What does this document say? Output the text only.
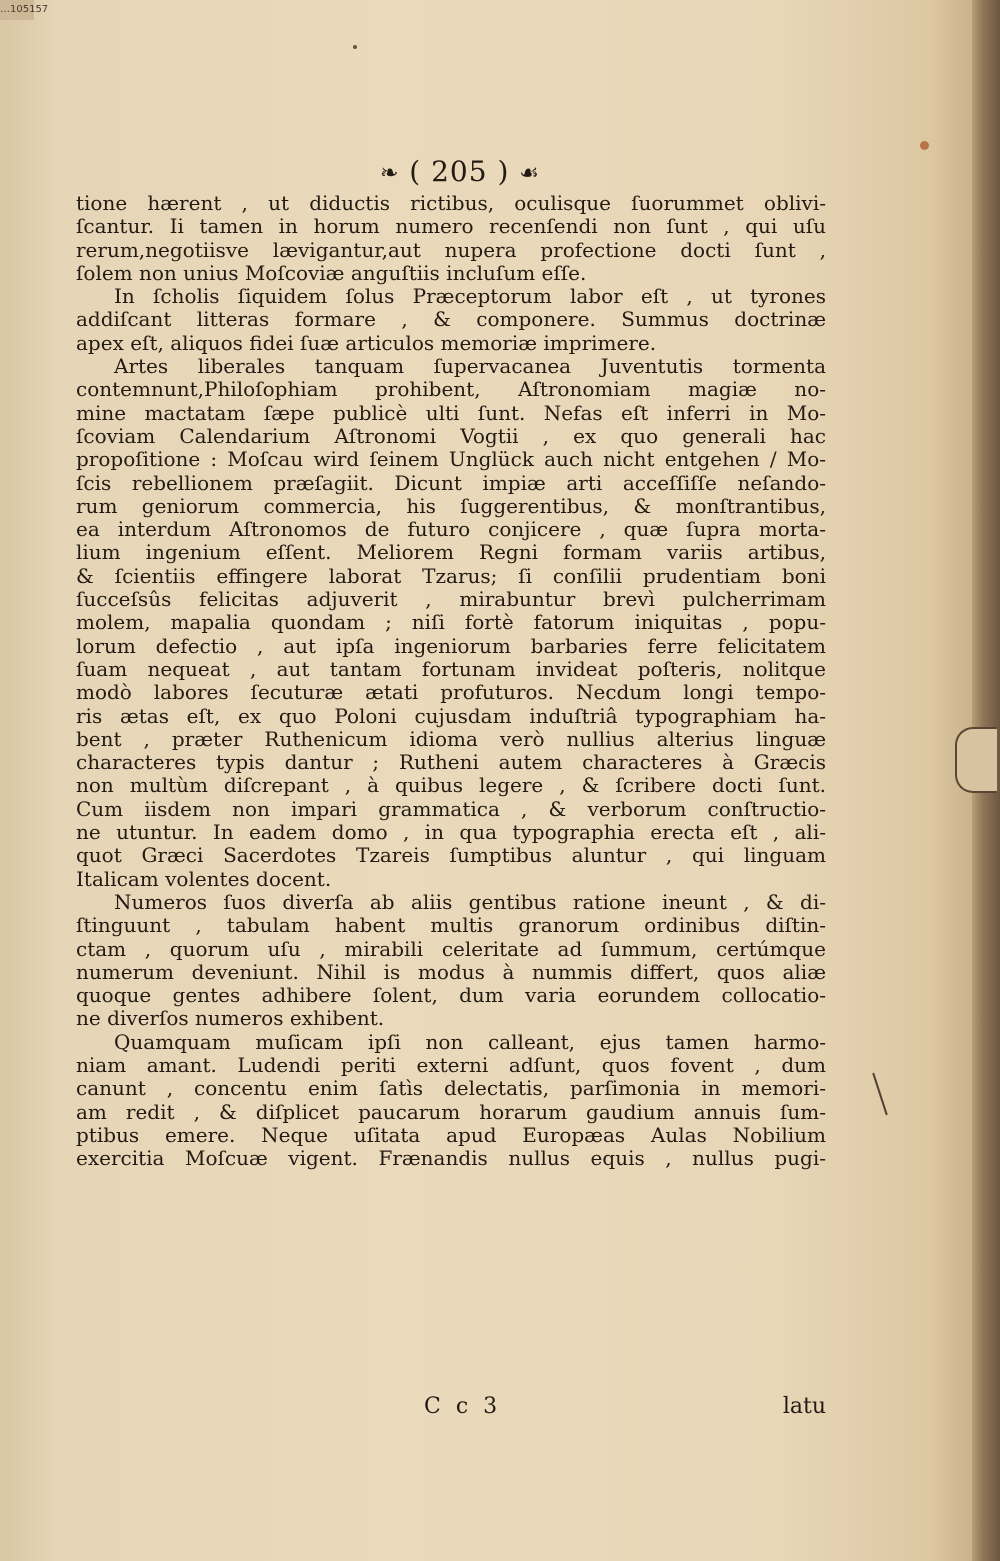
…105157
❧ ( 205 ) ☙
tione hærent , ut diductis rictibus, oculisque ſuorummet oblivi-
ſcantur. Ii tamen in horum numero recenſendi non ſunt , qui uſu
rerum,negotiisve lævigantur,aut nupera profectione docti ſunt ,
ſolem non unius Moſcoviæ anguſtiis incluſum eſſe.
In ſcholis ſiquidem ſolus Præceptorum labor eſt , ut tyrones
addiſcant litteras formare , & componere. Summus doctrinæ
apex eſt, aliquos fidei ſuæ articulos memoriæ imprimere.
Artes liberales tanquam ſupervacanea Juventutis tormenta
contemnunt,Philoſophiam prohibent, Aſtronomiam magiæ no-
mine mactatam ſæpe publicè ulti ſunt. Nefas eſt inferri in Mo-
ſcoviam Calendarium Aſtronomi Vogtii , ex quo generali hac
propoſitione : Moſcau wird ſeinem Unglück auch nicht entgehen / Mo-
ſcis rebellionem præſagiit. Dicunt impiæ arti acceſſiſſe neſando-
rum geniorum commercia, his ſuggerentibus, & monſtrantibus,
ea interdum Aſtronomos de futuro conjicere , quæ ſupra morta-
lium ingenium eſſent. Meliorem Regni formam variis artibus,
& ſcientiis effingere laborat Tzarus; ſi conſilii prudentiam boni
ſucceſsûs felicitas adjuverit , mirabuntur brevì pulcherrimam
molem, mapalia quondam ; niſi fortè fatorum iniquitas , popu-
lorum defectio , aut ipſa ingeniorum barbaries ferre felicitatem
ſuam nequeat , aut tantam fortunam invideat poſteris, nolitque
modò labores ſecuturæ ætati profuturos. Necdum longi tempo-
ris ætas eſt, ex quo Poloni cujusdam induſtriâ typographiam ha-
bent , præter Ruthenicum idioma verò nullius alterius linguæ
characteres typis dantur ; Rutheni autem characteres à Græcis
non multùm diſcrepant , à quibus legere , & ſcribere docti ſunt.
Cum iisdem non impari grammatica , & verborum conſtructio-
ne utuntur. In eadem domo , in qua typographia erecta eſt , ali-
quot Græci Sacerdotes Tzareis ſumptibus aluntur , qui linguam
Italicam volentes docent.
Numeros ſuos diverſa ab aliis gentibus ratione ineunt , & di-
ſtinguunt , tabulam habent multis granorum ordinibus diſtin-
ctam , quorum uſu , mirabili celeritate ad ſummum, certúmque
numerum deveniunt. Nihil is modus à nummis differt, quos aliæ
quoque gentes adhibere ſolent, dum varia eorundem collocatio-
ne diverſos numeros exhibent.
Quamquam muſicam ipſi non calleant, ejus tamen harmo-
niam amant. Ludendi periti externi adſunt, quos fovent , dum
canunt , concentu enim ſatìs delectatis, parſimonia in memori-
am redit , & diſplicet paucarum horarum gaudium annuis ſum-
ptibus emere. Neque uſitata apud Europæas Aulas Nobilium
exercitia Moſcuæ vigent. Frænandis nullus equis , nullus pugi-
C c 3	latu
